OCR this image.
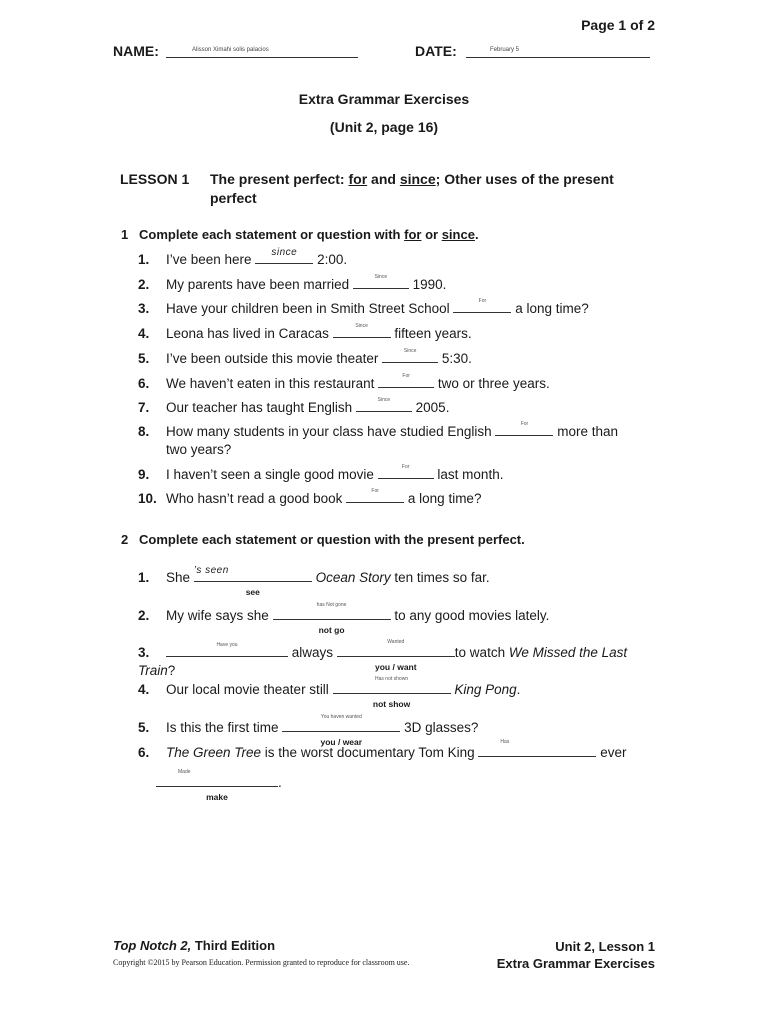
Page 1 of 2
NAME:	Alisson Ximahi solis palacios	DATE:	February 5
Extra Grammar Exercises
(Unit 2, page 16)
LESSON 1	The present perfect: for and since; Other uses of the present perfect
1 Complete each statement or question with for or since.
1. I’ve been here	since	2:00.
2. My parents have been married	Since	1990.
3. Have your children been in Smith Street School	For	a long time?
4. Leona has lived in Caracas	Since	fifteen years.
5. I’ve been outside this movie theater	Since	5:30.
6. We haven’t eaten in this restaurant	For	two or three years.
7. Our teacher has taught English	Since	2005.
8. How many students in your class have studied English	For	more than
two years?
9. I haven’t seen a single good movie	For	last month.
10. Who hasn’t read a good book	For	a long time?
2 Complete each statement or question with the present perfect.
1. She ’s seen
see
Ocean Story ten times so far.
2. My wife says she
has Not gone
not go
to any good movies lately.
3.	Have you	always
Wanted
you / want
to watch We Missed the Last Train?
4. Our local movie theater still
Has not shown
not show
King Pong.
5. Is this the first time
You haven wanted
you / wear
3D glasses?
6. The Green Tree is the worst documentary Tom King
Has
ever
Made
make
.
Top Notch 2, Third Edition
Copyright ©2015 by Pearson Education. Permission granted to reproduce for classroom use.
Unit 2, Lesson 1
Extra Grammar Exercises
